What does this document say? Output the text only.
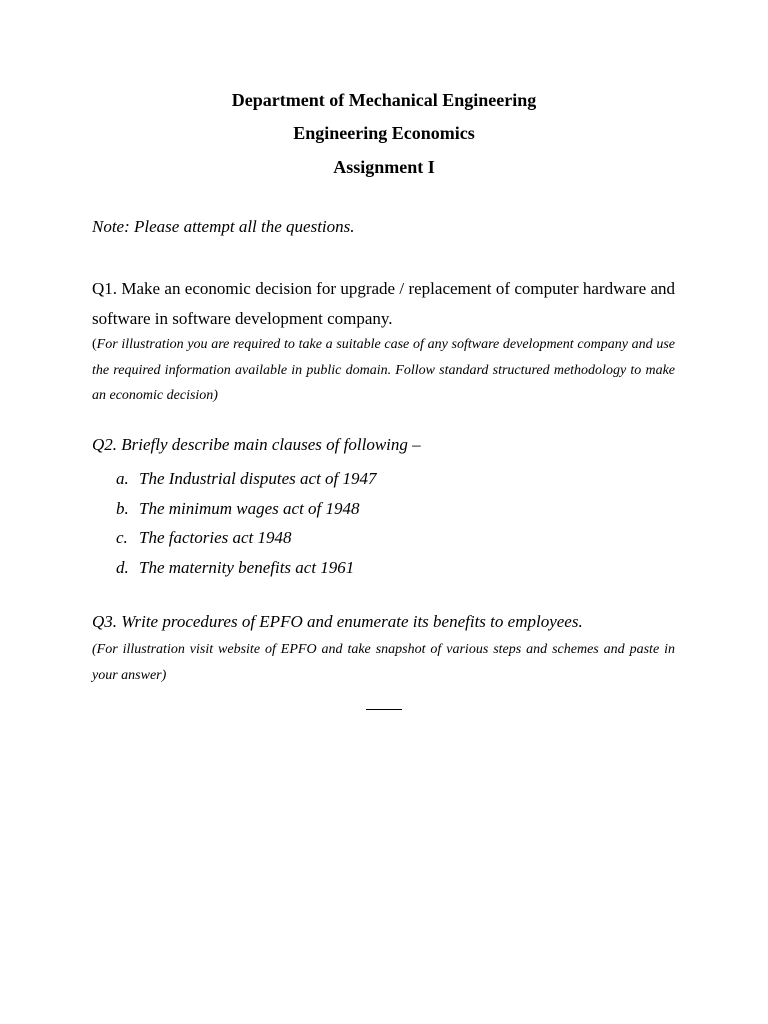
Department of Mechanical Engineering

Engineering Economics

Assignment I

Note: Please attempt all the questions.

Q1. Make an economic decision for upgrade / replacement of computer hardware and software in software development company.

(For illustration you are required to take a suitable case of any software development company and use the required information available in public domain. Follow standard structured methodology to make an economic decision)

Q2. Briefly describe main clauses of following –

a. The Industrial disputes act of 1947
b. The minimum wages act of 1948
c. The factories act 1948
d. The maternity benefits act 1961

Q3. Write procedures of EPFO and enumerate its benefits to employees.

(For illustration visit website of EPFO and take snapshot of various steps and schemes and paste in your answer)
